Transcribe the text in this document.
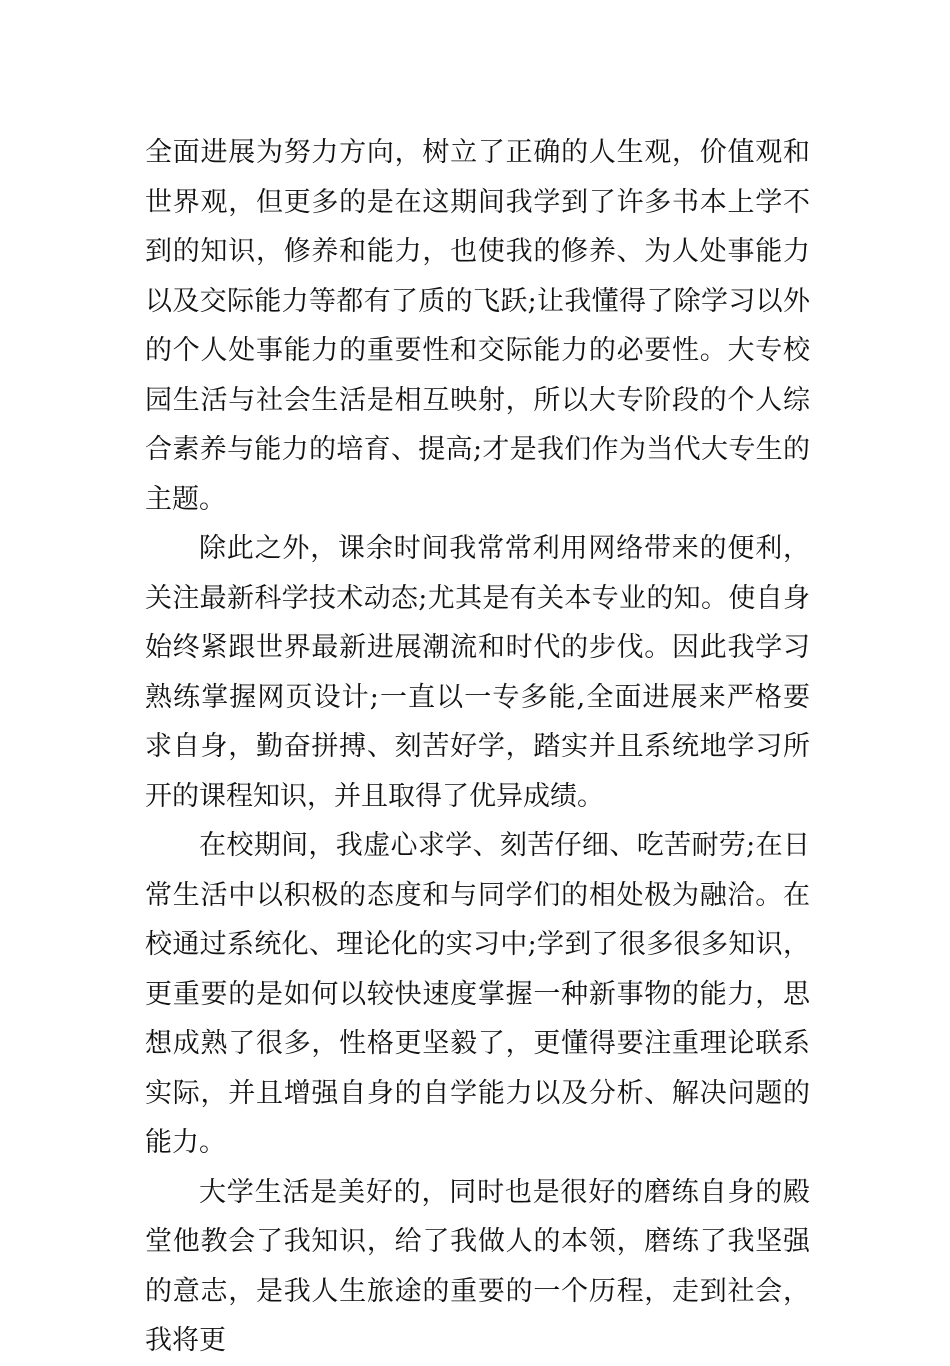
全面进展为努力方向，树立了正确的人生观，价值观和世界观，但更多的是在这期间我学到了许多书本上学不到的知识，修养和能力，也使我的修养、为人处事能力以及交际能力等都有了质的飞跃;让我懂得了除学习以外的个人处事能力的重要性和交际能力的必要性。大专校园生活与社会生活是相互映射，所以大专阶段的个人综合素养与能力的培育、提高;才是我们作为当代大专生的主题。

除此之外，课余时间我常常利用网络带来的便利，关注最新科学技术动态;尤其是有关本专业的知。使自身始终紧跟世界最新进展潮流和时代的步伐。因此我学习熟练掌握网页设计;一直以一专多能,全面进展来严格要求自身，勤奋拼搏、刻苦好学，踏实并且系统地学习所开的课程知识，并且取得了优异成绩。

在校期间，我虚心求学、刻苦仔细、吃苦耐劳;在日常生活中以积极的态度和与同学们的相处极为融洽。在校通过系统化、理论化的实习中;学到了很多很多知识，更重要的是如何以较快速度掌握一种新事物的能力，思想成熟了很多，性格更坚毅了，更懂得要注重理论联系实际，并且增强自身的自学能力以及分析、解决问题的能力。

大学生活是美好的，同时也是很好的磨练自身的殿堂他教会了我知识，给了我做人的本领，磨练了我坚强的意志，是我人生旅途的重要的一个历程，走到社会，我将更
